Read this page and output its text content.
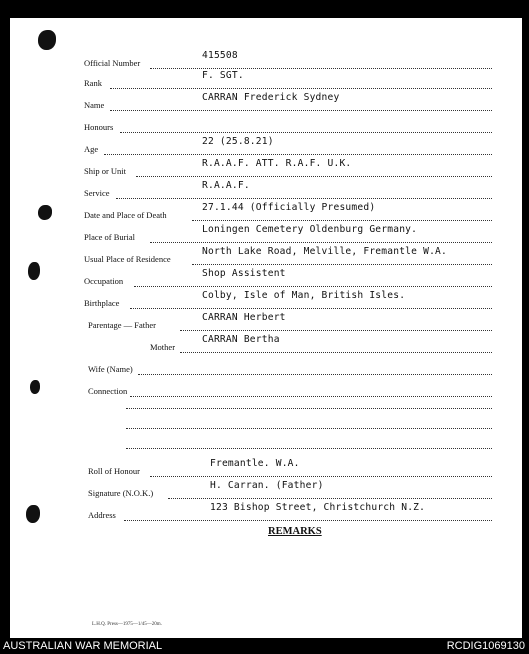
Official Number
415508
Rank
F. SGT.
Name
CARRAN Frederick Sydney
Honours
Age
22 (25.8.21)
Ship or Unit
R.A.A.F. ATT. R.A.F. U.K.
Service
R.A.A.F.
Date and Place of Death
27.1.44 (Officially Presumed)
Place of Burial
Loningen Cemetery Oldenburg Germany.
Usual Place of Residence
North Lake Road, Melville, Fremantle W.A.
Occupation
Shop Assistent
Birthplace
Colby, Isle of Man, British Isles.
Parentage — Father
CARRAN Herbert
Mother
CARRAN Bertha
Wife (Name)
Connection
Roll of Honour
Fremantle. W.A.
Signature (N.O.K.)
H. Carran. (Father)
Address
123 Bishop Street, Christchurch N.Z.
REMARKS
L.H.Q. Press—1975—1/45—20m.
AUSTRALIAN WAR MEMORIAL	RCDIG1069130
